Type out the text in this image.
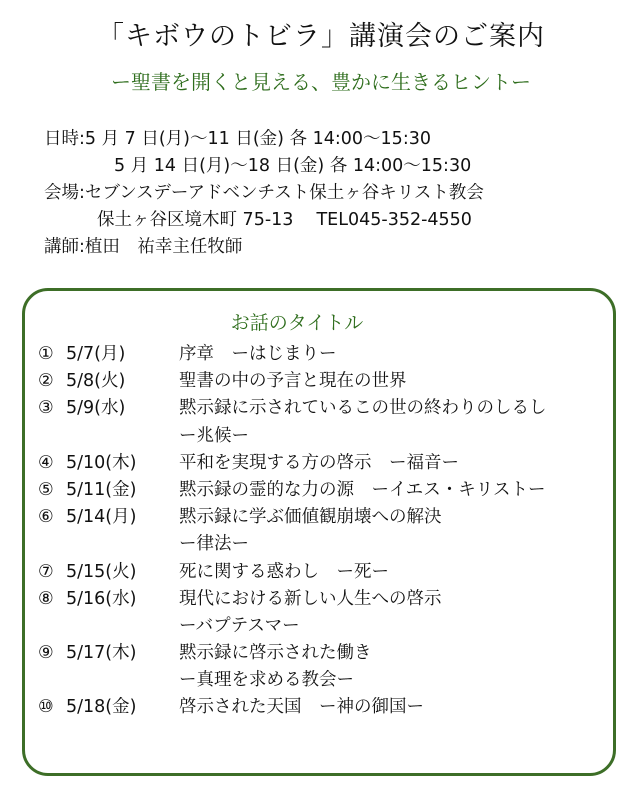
「キボウのトビラ」講演会のご案内
ー聖書を開くと見える、豊かに生きるヒントー
日時:5 月 7 日(月)〜11 日(金) 各 14:00〜15:30
5 月 14 日(月)〜18 日(金) 各 14:00〜15:30
会場:セブンスデーアドベンチスト保土ヶ谷キリスト教会
保土ヶ谷区境木町 75-13　 TEL045-352-4550
講師:植田　祐幸主任牧師
お話のタイトル
① 5/7(月)	序章　ーはじまりー
② 5/8(火)	聖書の中の予言と現在の世界
③ 5/9(水)	黙示録に示されているこの世の終わりのしるし
ー兆候ー
④ 5/10(木) 平和を実現する方の啓示　ー福音ー
⑤ 5/11(金) 黙示録の霊的な力の源　ーイエス・キリストー
⑥ 5/14(月) 黙示録に学ぶ価値観崩壊への解決
ー律法ー
⑦ 5/15(火) 死に関する惑わし　ー死ー
⑧ 5/16(水) 現代における新しい人生への啓示
ーバプテスマー
⑨ 5/17(木) 黙示録に啓示された働き
ー真理を求める教会ー
⑩ 5/18(金) 啓示された天国　ー神の御国ー
